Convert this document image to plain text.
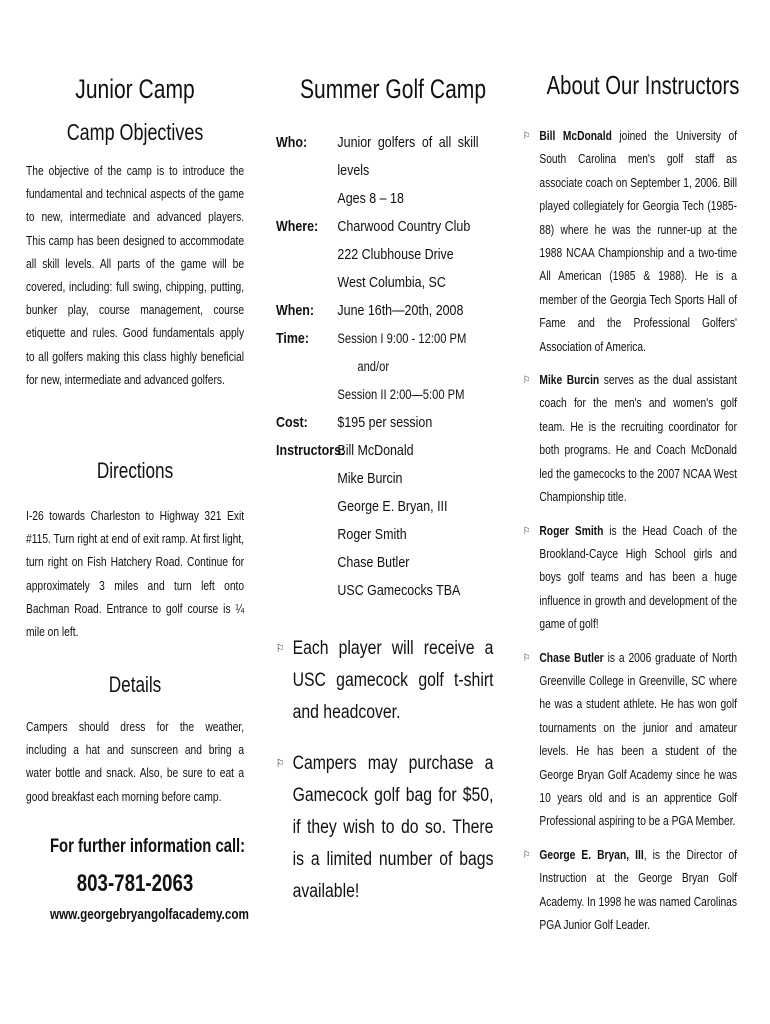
Junior Camp
Camp Objectives
The objective of the camp is to introduce the fundamental and technical aspects of the game to new, intermediate and advanced players. This camp has been designed to accommodate all skill levels. All parts of the game will be covered, including: full swing, chipping, putting, bunker play, course management, course etiquette and rules. Good fundamentals apply to all golfers making this class highly beneficial for new, intermediate and advanced golfers.
Directions
I-26 towards Charleston to Highway 321 Exit #115. Turn right at end of exit ramp. At first light, turn right on Fish Hatchery Road. Continue for approximately 3 miles and turn left onto Bachman Road. Entrance to golf course is ¼ mile on left.
Details
Campers should dress for the weather, including a hat and sunscreen and bring a water bottle and snack. Also, be sure to eat a good breakfast each morning before camp.
For further information call:
803-781-2063
www.georgebryangolfacademy.com
Summer Golf Camp
Who:	Junior golfers of all skill levels
Ages 8 – 18
Where:	Charwood Country Club
222 Clubhouse Drive
West Columbia, SC
When:	June 16th—20th, 2008
Time:	Session I 9:00 - 12:00 PM
and/or
Session II 2:00—5:00 PM
Cost:	$195 per session
Instructors:
Bill McDonald
Mike Burcin
George E. Bryan, III
Roger Smith
Chase Butler
USC Gamecocks TBA
⚐ Each player will receive a USC gamecock golf t-shirt and headcover.
⚐ Campers may purchase a Gamecock golf bag for $50, if they wish to do so. There is a limited number of bags available!
About Our Instructors
⚐ Bill McDonald joined the University of South Carolina men's golf staff as associate coach on September 1, 2006. Bill played collegiately for Georgia Tech (1985-88) where he was the runner-up at the 1988 NCAA Championship and a two-time All American (1985 & 1988). He is a member of the Georgia Tech Sports Hall of Fame and the Professional Golfers' Association of America.
⚐ Mike Burcin serves as the dual assistant coach for the men's and women's golf team. He is the recruiting coordinator for both programs. He and Coach McDonald led the gamecocks to the 2007 NCAA West Championship title.
⚐ Roger Smith is the Head Coach of the Brookland-Cayce High School girls and boys golf teams and has been a huge influence in growth and development of the game of golf!
⚐ Chase Butler is a 2006 graduate of North Greenville College in Greenville, SC where he was a student athlete. He has won golf tournaments on the junior and amateur levels. He has been a student of the George Bryan Golf Academy since he was 10 years old and is an apprentice Golf Professional aspiring to be a PGA Member.
⚐ George E. Bryan, III, is the Director of Instruction at the George Bryan Golf Academy. In 1998 he was named Carolinas PGA Junior Golf Leader.
